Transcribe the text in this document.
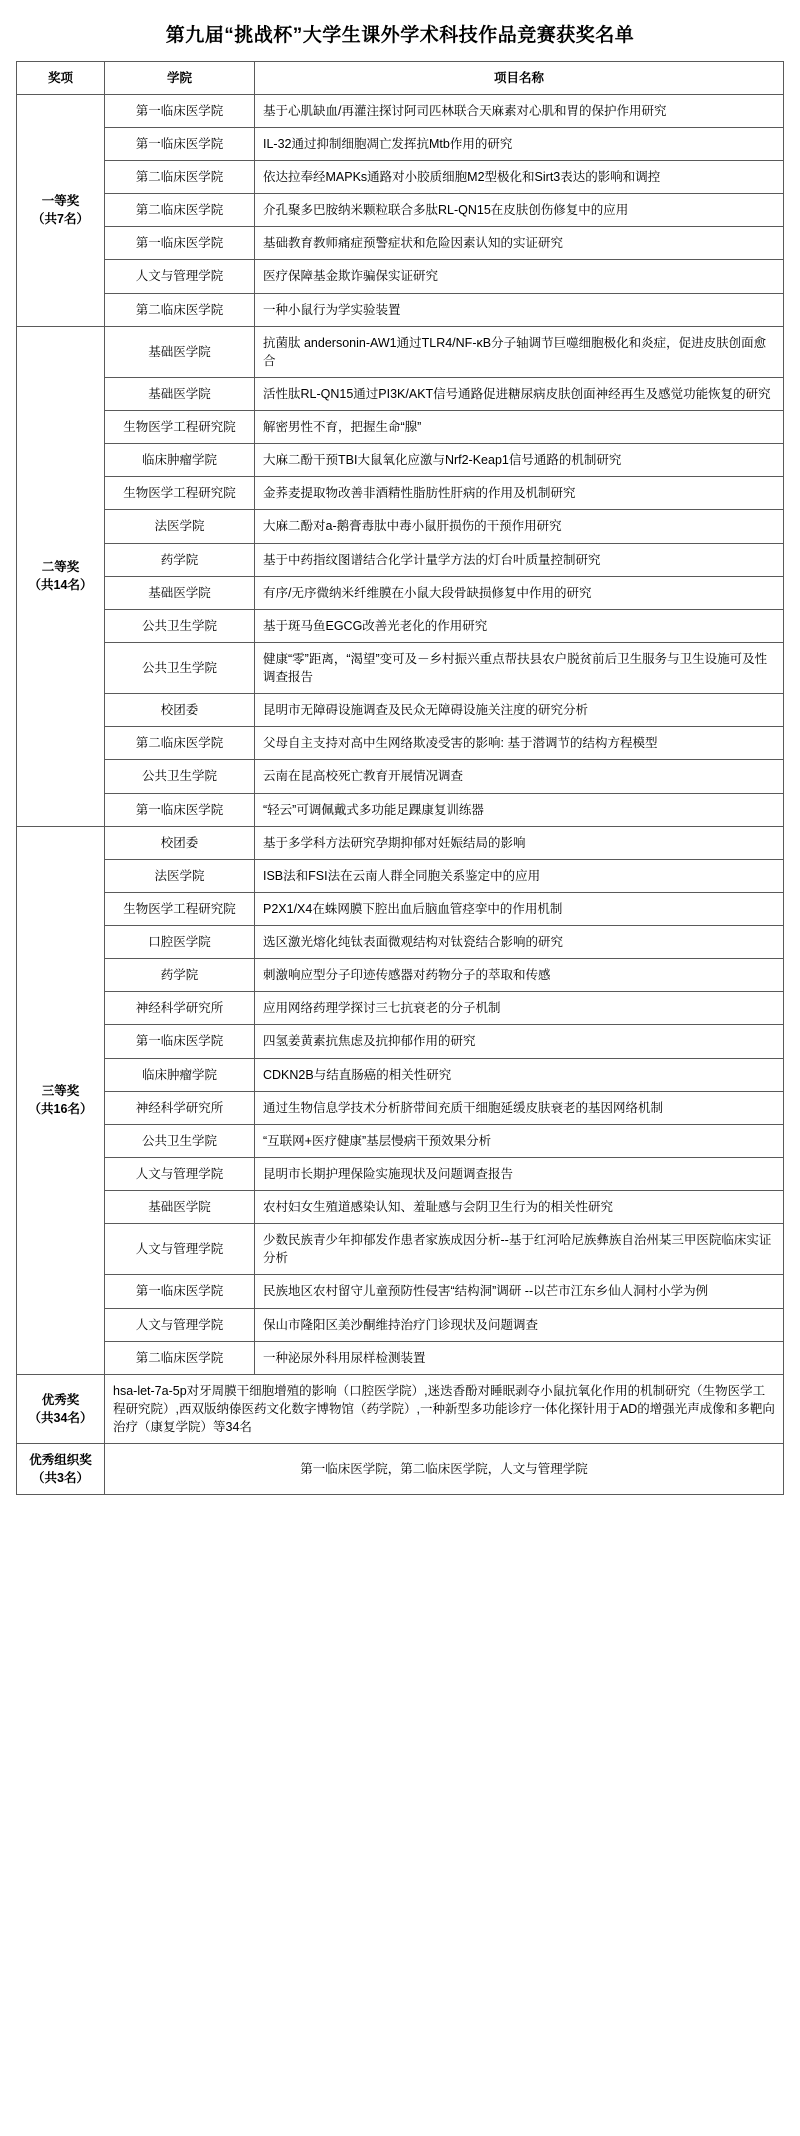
第九届“挑战杯”大学生课外学术科技作品竞赛获奖名单
奖项	学院	项目名称

一等奖
（共7名）	第一临床医学院	基于心肌缺血/再灌注探讨阿司匹林联合天麻素对心肌和胃的保护作用研究
	第一临床医学院	IL-32通过抑制细胞凋亡发挥抗Mtb作用的研究
	第二临床医学院	依达拉奉经MAPKs通路对小胶质细胞M2型极化和Sirt3表达的影响和调控
	第二临床医学院	介孔聚多巴胺纳米颗粒联合多肽RL-QN15在皮肤创伤修复中的应用
	第一临床医学院	基础教育教师痛症预警症状和危险因素认知的实证研究
	人文与管理学院	医疗保障基金欺诈骗保实证研究
	第二临床医学院	一种小鼠行为学实验装置

二等奖
（共14名）	基础医学院	抗菌肽 andersonin-AW1通过TLR4/NF-κB分子轴调节巨噬细胞极化和炎症，促进皮肤创面愈合
	基础医学院	活性肽RL-QN15通过PI3K/AKT信号通路促进糖尿病皮肤创面神经再生及感觉功能恢复的研究
	生物医学工程研究院	解密男性不育，把握生命“腺”
	临床肿瘤学院	大麻二酚干预TBI大鼠氧化应激与Nrf2-Keap1信号通路的机制研究
	生物医学工程研究院	金荞麦提取物改善非酒精性脂肪性肝病的作用及机制研究
	法医学院	大麻二酚对a-鹅膏毒肽中毒小鼠肝损伤的干预作用研究
	药学院	基于中药指纹图谱结合化学计量学方法的灯台叶质量控制研究
	基础医学院	有序/无序微纳米纤维膜在小鼠大段骨缺损修复中作用的研究
	公共卫生学院	基于斑马鱼EGCG改善光老化的作用研究
	公共卫生学院	健康“零”距离，“渴望”变可及－乡村振兴重点帮扶县农户脱贫前后卫生服务与卫生设施可及性调查报告
	校团委	昆明市无障碍设施调查及民众无障碍设施关注度的研究分析
	第二临床医学院	父母自主支持对高中生网络欺凌受害的影响: 基于潜调节的结构方程模型
	公共卫生学院	云南在昆高校死亡教育开展情况调查
	第一临床医学院	“轻云”可调佩戴式多功能足踝康复训练器

三等奖
（共16名）	校团委	基于多学科方法研究孕期抑郁对妊娠结局的影响
	法医学院	ISB法和FSI法在云南人群全同胞关系鉴定中的应用
	生物医学工程研究院	P2X1/X4在蛛网膜下腔出血后脑血管痉挛中的作用机制
	口腔医学院	选区激光熔化纯钛表面微观结构对钛瓷结合影响的研究
	药学院	刺激响应型分子印迹传感器对药物分子的萃取和传感
	神经科学研究所	应用网络药理学探讨三七抗衰老的分子机制
	第一临床医学院	四氢姜黄素抗焦虑及抗抑郁作用的研究
	临床肿瘤学院	CDKN2B与结直肠癌的相关性研究
	神经科学研究所	通过生物信息学技术分析脐带间充质干细胞延缓皮肤衰老的基因网络机制
	公共卫生学院	“互联网+医疗健康”基层慢病干预效果分析
	人文与管理学院	昆明市长期护理保险实施现状及问题调查报告
	基础医学院	农村妇女生殖道感染认知、羞耻感与会阴卫生行为的相关性研究
	人文与管理学院	少数民族青少年抑郁发作患者家族成因分析--基于红河哈尼族彝族自治州某三甲医院临床实证分析
	第一临床医学院	民族地区农村留守儿童预防性侵害“结构洞”调研 --以芒市江东乡仙人洞村小学为例
	人文与管理学院	保山市隆阳区美沙酮维持治疗门诊现状及问题调查
	第二临床医学院	一种泌尿外科用尿样检测装置

优秀奖
（共34名）	hsa-let-7a-5p对牙周膜干细胞增殖的影响（口腔医学院）,迷迭香酚对睡眠剥夺小鼠抗氧化作用的机制研究（生物医学工程研究院）,西双版纳傣医药文化数字博物馆（药学院）,一种新型多功能诊疗一体化探针用于AD的增强光声成像和多靶向治疗（康复学院）等34名	

优秀组织奖
（共3名）	第一临床医学院，第二临床医学院，人文与管理学院	
